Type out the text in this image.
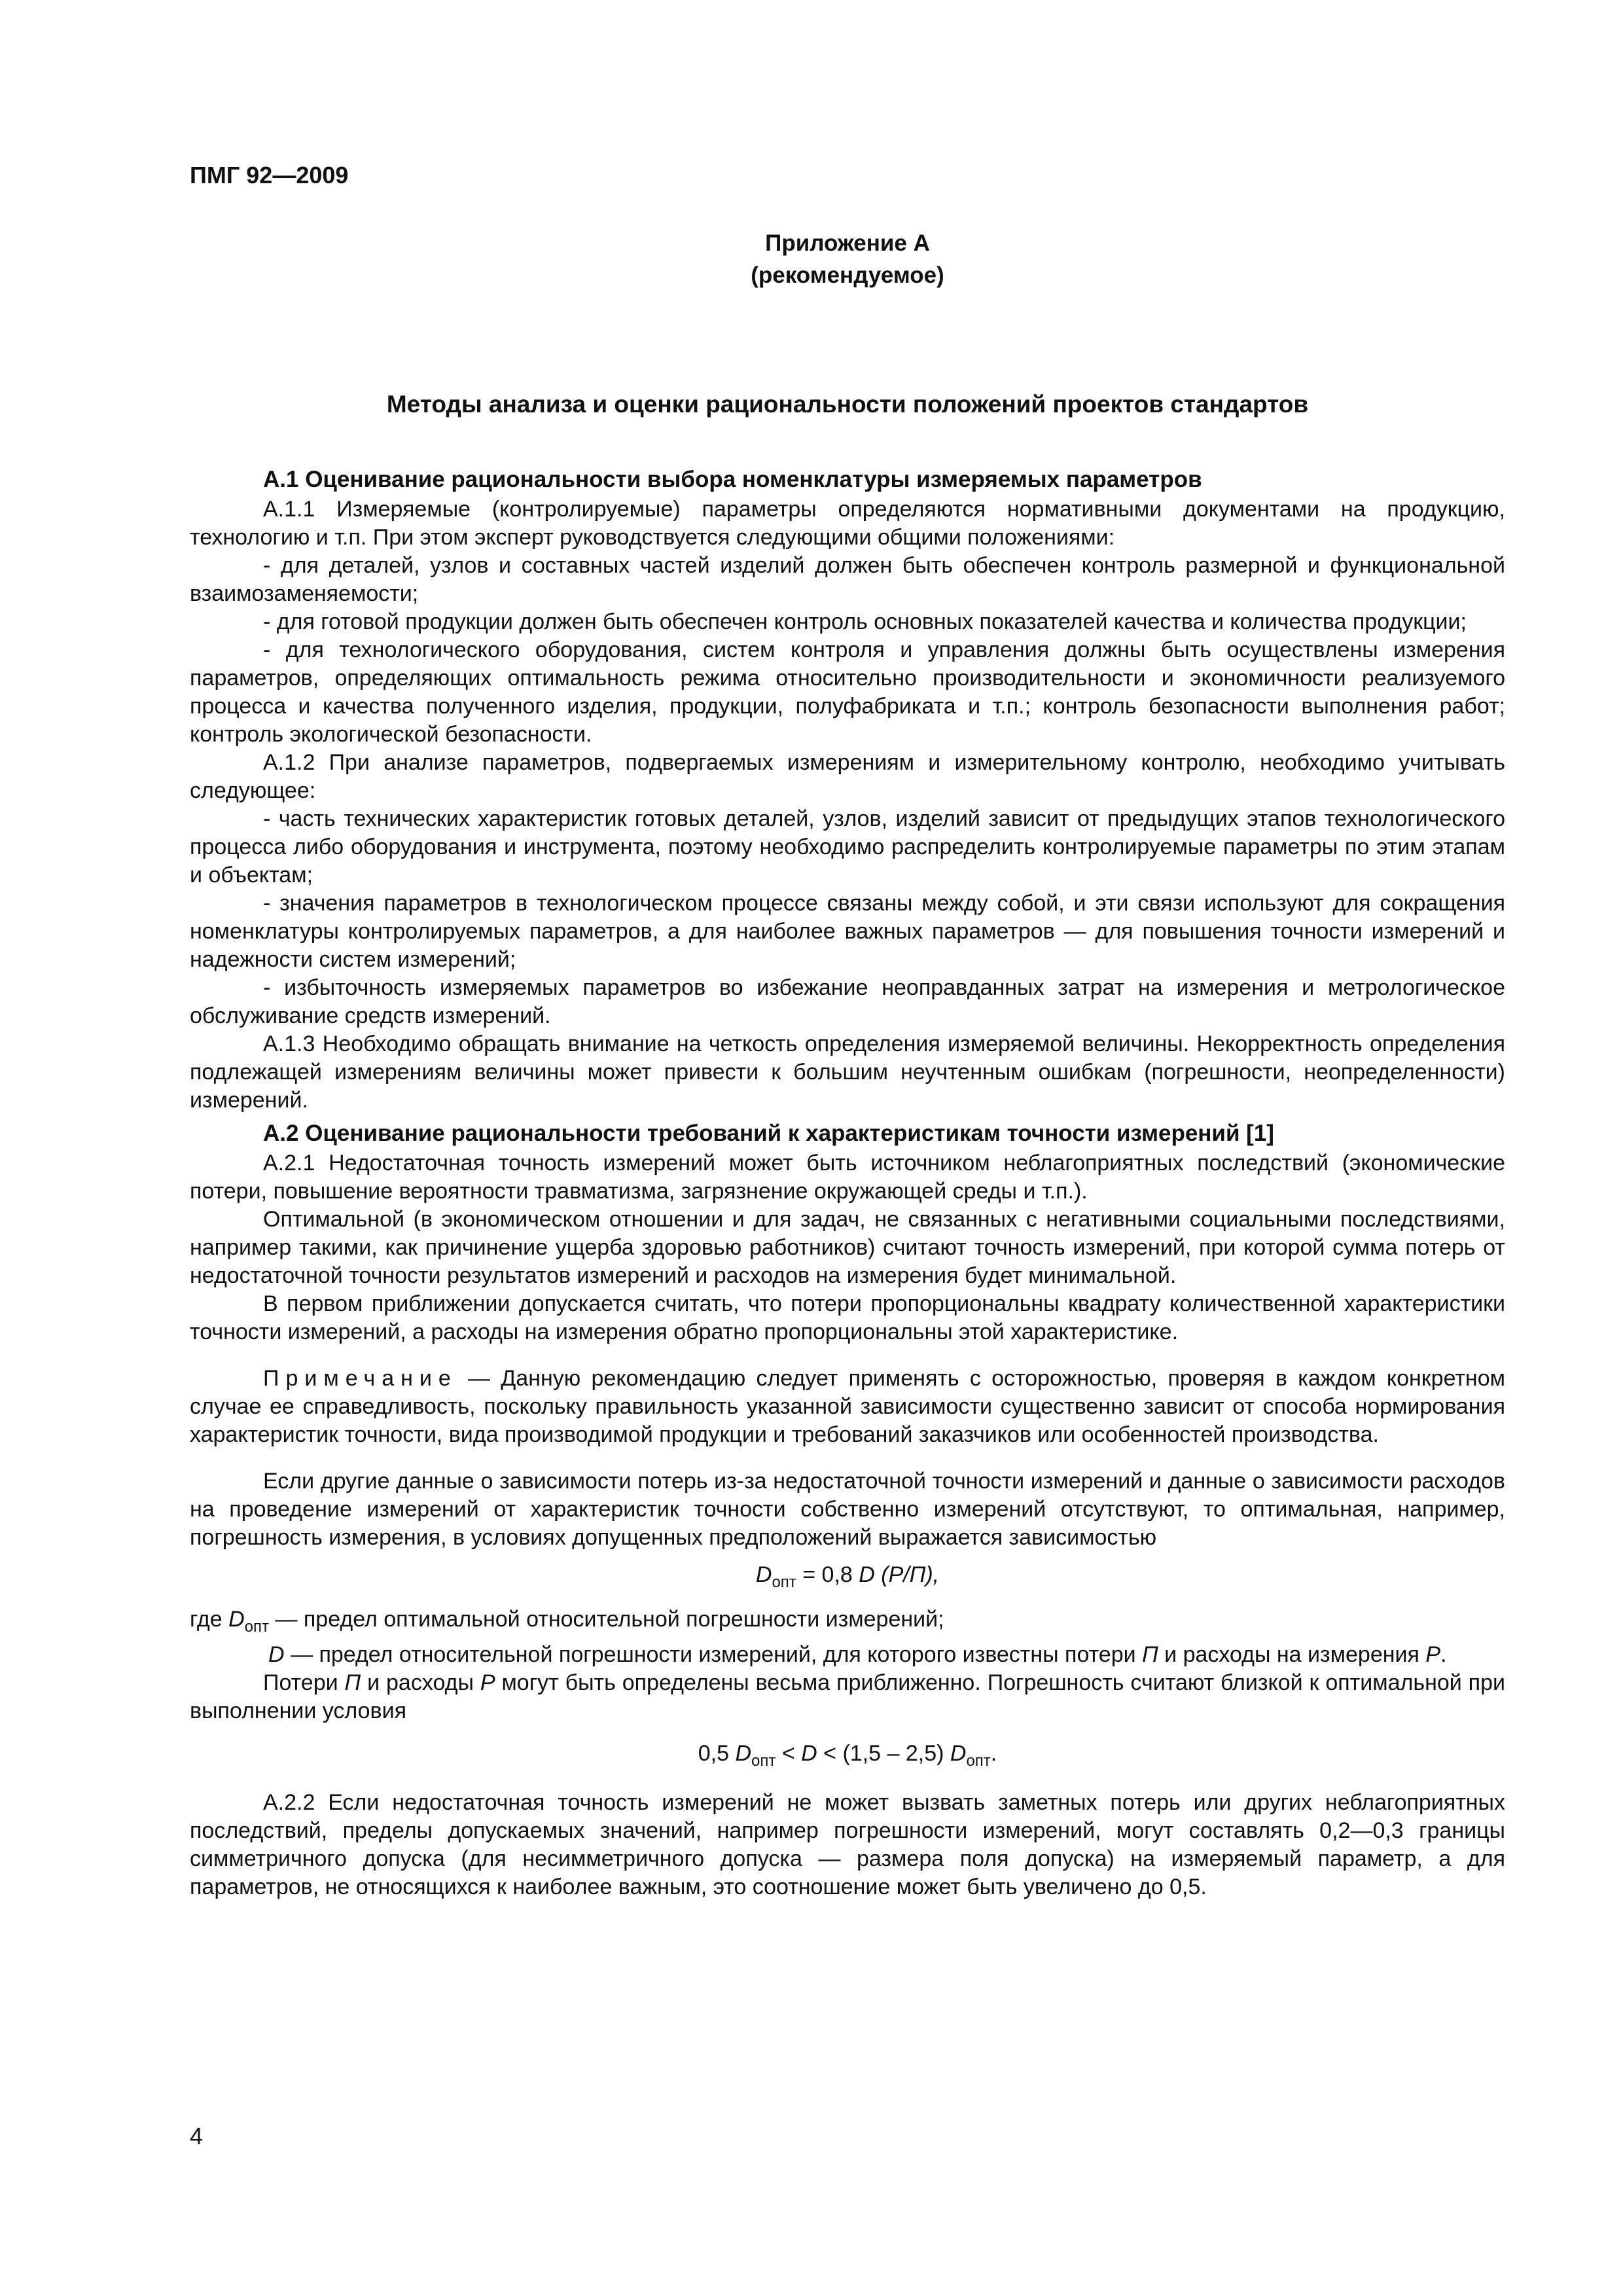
ПМГ 92—2009
Приложение А
(рекомендуемое)
Методы анализа и оценки рациональности положений проектов стандартов
А.1 Оценивание рациональности выбора номенклатуры измеряемых параметров

А.1.1 Измеряемые (контролируемые) параметры определяются нормативными документами на продукцию, технологию и т.п. При этом эксперт руководствуется следующими общими положениями:

- для деталей, узлов и составных частей изделий должен быть обеспечен контроль размерной и функциональной взаимозаменяемости;

- для готовой продукции должен быть обеспечен контроль основных показателей качества и количества продукции;

- для технологического оборудования, систем контроля и управления должны быть осуществлены измерения параметров, определяющих оптимальность режима относительно производительности и экономичности реализуемого процесса и качества полученного изделия, продукции, полуфабриката и т.п.; контроль безопасности выполнения работ; контроль экологической безопасности.

А.1.2 При анализе параметров, подвергаемых измерениям и измерительному контролю, необходимо учитывать следующее:

- часть технических характеристик готовых деталей, узлов, изделий зависит от предыдущих этапов технологического процесса либо оборудования и инструмента, поэтому необходимо распределить контролируемые параметры по этим этапам и объектам;

- значения параметров в технологическом процессе связаны между собой, и эти связи используют для сокращения номенклатуры контролируемых параметров, а для наиболее важных параметров — для повышения точности измерений и надежности систем измерений;

- избыточность измеряемых параметров во избежание неоправданных затрат на измерения и метрологическое обслуживание средств измерений.

А.1.3 Необходимо обращать внимание на четкость определения измеряемой величины. Некорректность определения подлежащей измерениям величины может привести к большим неучтенным ошибкам (погрешности, неопределенности) измерений.

А.2 Оценивание рациональности требований к характеристикам точности измерений [1]

А.2.1 Недостаточная точность измерений может быть источником неблагоприятных последствий (экономические потери, повышение вероятности травматизма, загрязнение окружающей среды и т.п.).

Оптимальной (в экономическом отношении и для задач, не связанных с негативными социальными последствиями, например такими, как причинение ущерба здоровью работников) считают точность измерений, при которой сумма потерь от недостаточной точности результатов измерений и расходов на измерения будет минимальной.

В первом приближении допускается считать, что потери пропорциональны квадрату количественной характеристики точности измерений, а расходы на измерения обратно пропорциональны этой характеристике.

Примечание — Данную рекомендацию следует применять с осторожностью, проверяя в каждом конкретном случае ее справедливость, поскольку правильность указанной зависимости существенно зависит от способа нормирования характеристик точности, вида производимой продукции и требований заказчиков или особенностей производства.

Если другие данные о зависимости потерь из-за недостаточной точности измерений и данные о зависимости расходов на проведение измерений от характеристик точности собственно измерений отсутствуют, то оптимальная, например, погрешность измерения, в условиях допущенных предположений выражается зависимостью

$D_{опт} = 0,8$ D (P/П),
где $D_{опт}$ — предел оптимальной относительной погрешности измерений;
D — предел относительной погрешности измерений, для которого известны потери П и расходы на измерения Р.

Потери П и расходы Р могут быть определены весьма приближенно. Погрешность считают близкой к оптимальной при выполнении условия

0,5 $D_{опт} < D < (1,5 - 2,5)$ $D_{опт}$.

А.2.2 Если недостаточная точность измерений не может вызвать заметных потерь или других неблагоприятных последствий, пределы допускаемых значений, например погрешности измерений, могут составлять 0,2—0,3 границы симметричного допуска (для несимметричного допуска — размера поля допуска) на измеряемый параметр, а для параметров, не относящихся к наиболее важным, это соотношение может быть увеличено до 0,5.

4
